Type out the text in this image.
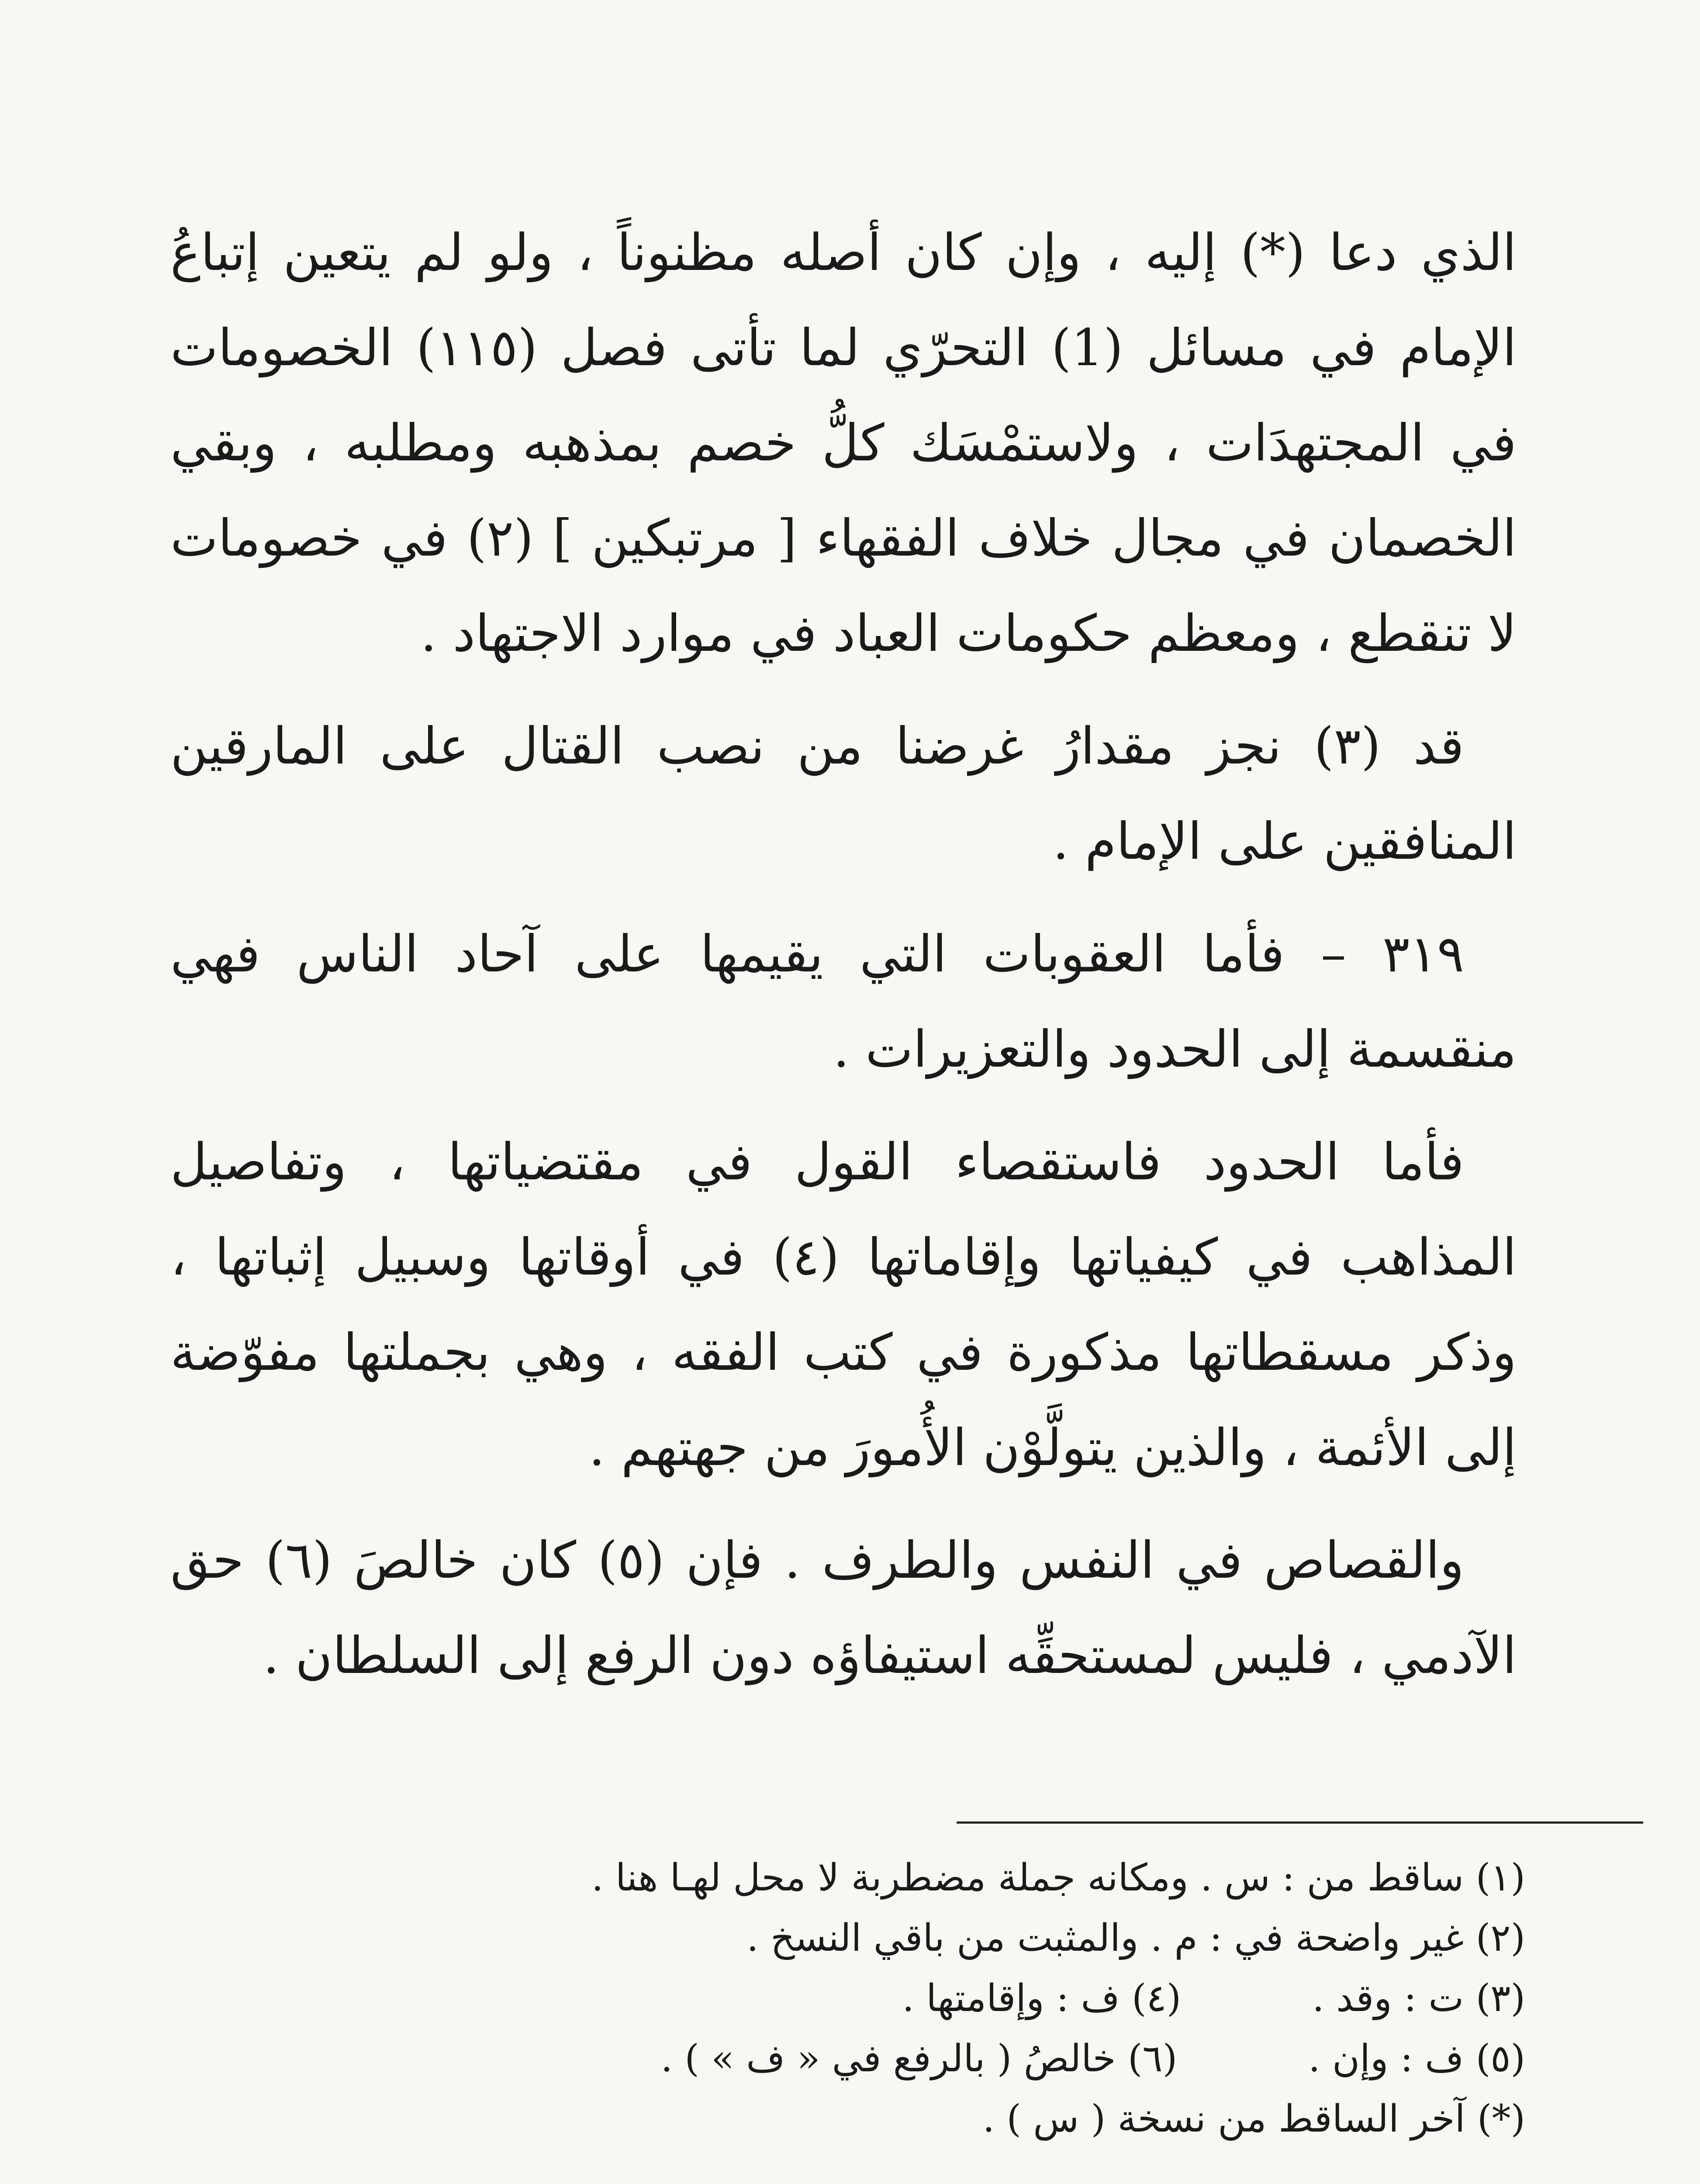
الذي دعا (*) إليه ، وإن كان أصله مظنوناً ، ولو لم يتعين إتباعُ الإمام في مسائل (1) التحرّي لما تأتى فصل (١١٥) الخصومات في المجتهدَات ، ولاستمْسَك كلُّ خصم بمذهبه ومطلبه ، وبقي الخصمان في مجال خلاف الفقهاء [ مرتبكين ] (٢) في خصومات لا تنقطع ، ومعظم حكومات العباد في موارد الاجتهاد .

قد (٣) نجز مقدارُ غرضنا من نصب القتال على المارقين المنافقين على الإمام .

٣١٩ – فأما العقوبات التي يقيمها على آحاد الناس فهي منقسمة إلى الحدود والتعزيرات .

فأما الحدود فاستقصاء القول في مقتضياتها ، وتفاصيل المذاهب في كيفياتها وإقاماتها (٤) في أوقاتها وسبيل إثباتها ، وذكر مسقطاتها مذكورة في كتب الفقه ، وهي بجملتها مفوّضة إلى الأئمة ، والذين يتولَّوْن الأُمورَ من جهتهم .

والقصاص في النفس والطرف . فإن (٥) كان خالصَ (٦) حق الآدمي ، فليس لمستحقِّه استيفاؤه دون الرفع إلى السلطان .

(١) ساقط من : س . ومكانه جملة مضطربة لا محل لهـا هنا .
(٢) غير واضحة في : م . والمثبت من باقي النسخ .
(٣) ت : وقد .
(٤) ف : وإقامتها .
(٥) ف : وإن .
(٦) خالصُ ( بالرفع في « ف » ) .
(*) آخر الساقط من نسخة ( س ) .
